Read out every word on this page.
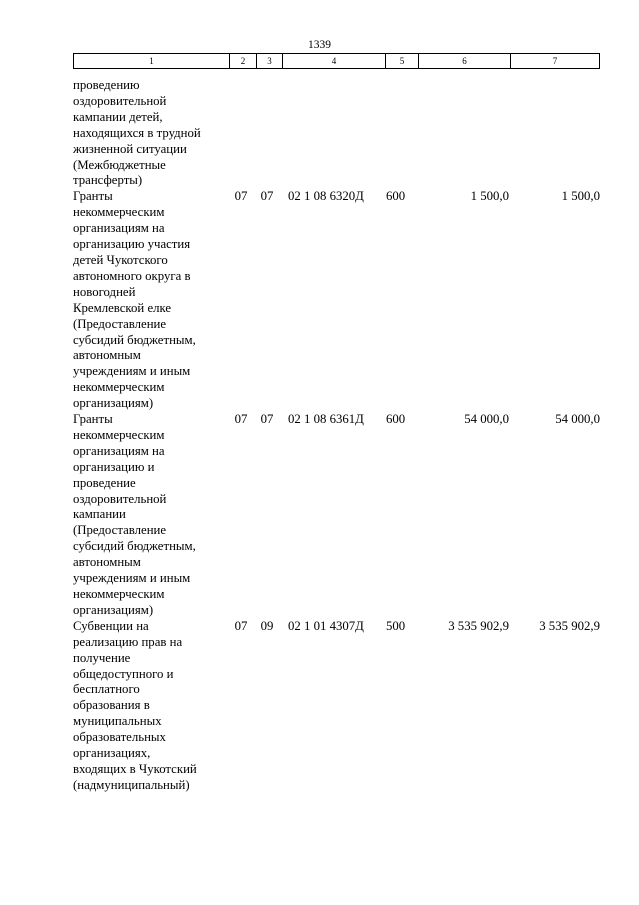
1339
1	2	3	4	5	6	7
проведению
оздоровительной
кампании детей,
находящихся в трудной
жизненной ситуации
(Межбюджетные
трансферты)
Гранты
некоммерческим
организациям на
организацию участия
детей Чукотского
автономного округа в
новогодней
Кремлевской елке
(Предоставление
субсидий бюджетным,
автономным
учреждениям и иным
некоммерческим
организациям)
07	07	02 1 08 6320Д	600	1 500,0	1 500,0
Гранты
некоммерческим
организациям на
организацию и
проведение
оздоровительной
кампании
(Предоставление
субсидий бюджетным,
автономным
учреждениям и иным
некоммерческим
организациям)
07	07	02 1 08 6361Д	600	54 000,0	54 000,0
Субвенции на
реализацию прав на
получение
общедоступного и
бесплатного
образования в
муниципальных
образовательных
организациях,
входящих в Чукотский
(надмуниципальный)
07	09	02 1 01 4307Д	500	3 535 902,9	3 535 902,9
